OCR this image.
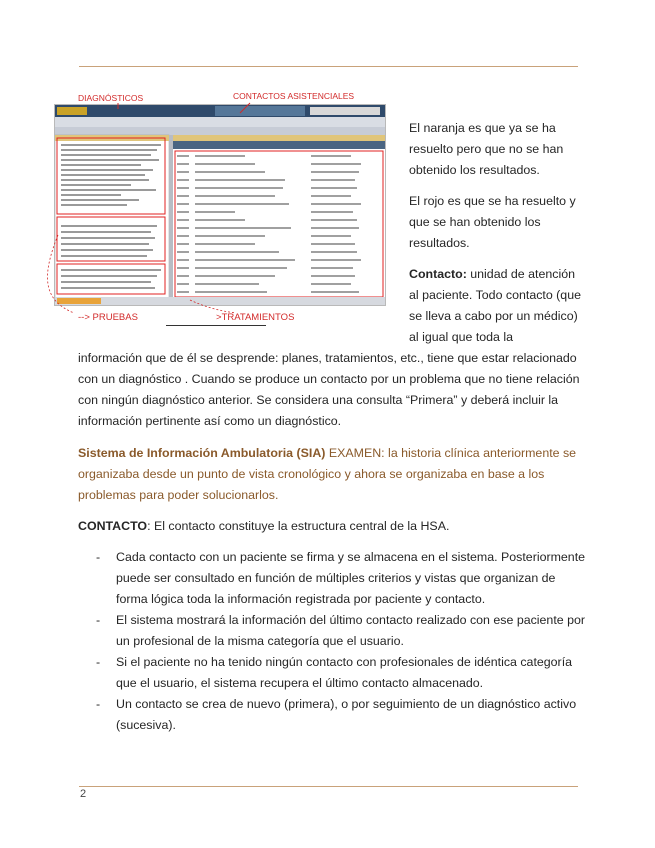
DIAGNÓSTICOS	CONTACTOS ASISTENCIALES
--> PRUEBAS	>TRATAMIENTOS

El naranja es que ya se ha resuelto pero que no se han obtenido los resultados.

El rojo es que se ha resuelto y que se han obtenido los resultados.

Contacto: unidad de atención al paciente. Todo contacto (que se lleva a cabo por un médico) al igual que toda la

información que de él se desprende: planes, tratamientos, etc., tiene que estar relacionado con un diagnóstico . Cuando se produce un contacto por un problema que no tiene relación con ningún diagnóstico anterior. Se considera una consulta “Primera” y deberá incluir la información pertinente así como un diagnóstico.

Sistema de Información Ambulatoria (SIA) EXAMEN: la historia clínica anteriormente se organizaba desde un punto de vista cronológico y ahora se organizaba en base a los problemas para poder solucionarlos.

CONTACTO: El contacto constituye la estructura central de la HSA.

- Cada contacto con un paciente se firma y se almacena en el sistema. Posteriormente puede ser consultado en función de múltiples criterios y vistas que organizan de forma lógica toda la información registrada por paciente y contacto.
- El sistema mostrará la información del último contacto realizado con ese paciente por un profesional de la misma categoría que el usuario.
- Si el paciente no ha tenido ningún contacto con profesionales de idéntica categoría que el usuario, el sistema recupera el último contacto almacenado.
- Un contacto se crea de nuevo (primera), o por seguimiento de un diagnóstico activo (sucesiva).
2
